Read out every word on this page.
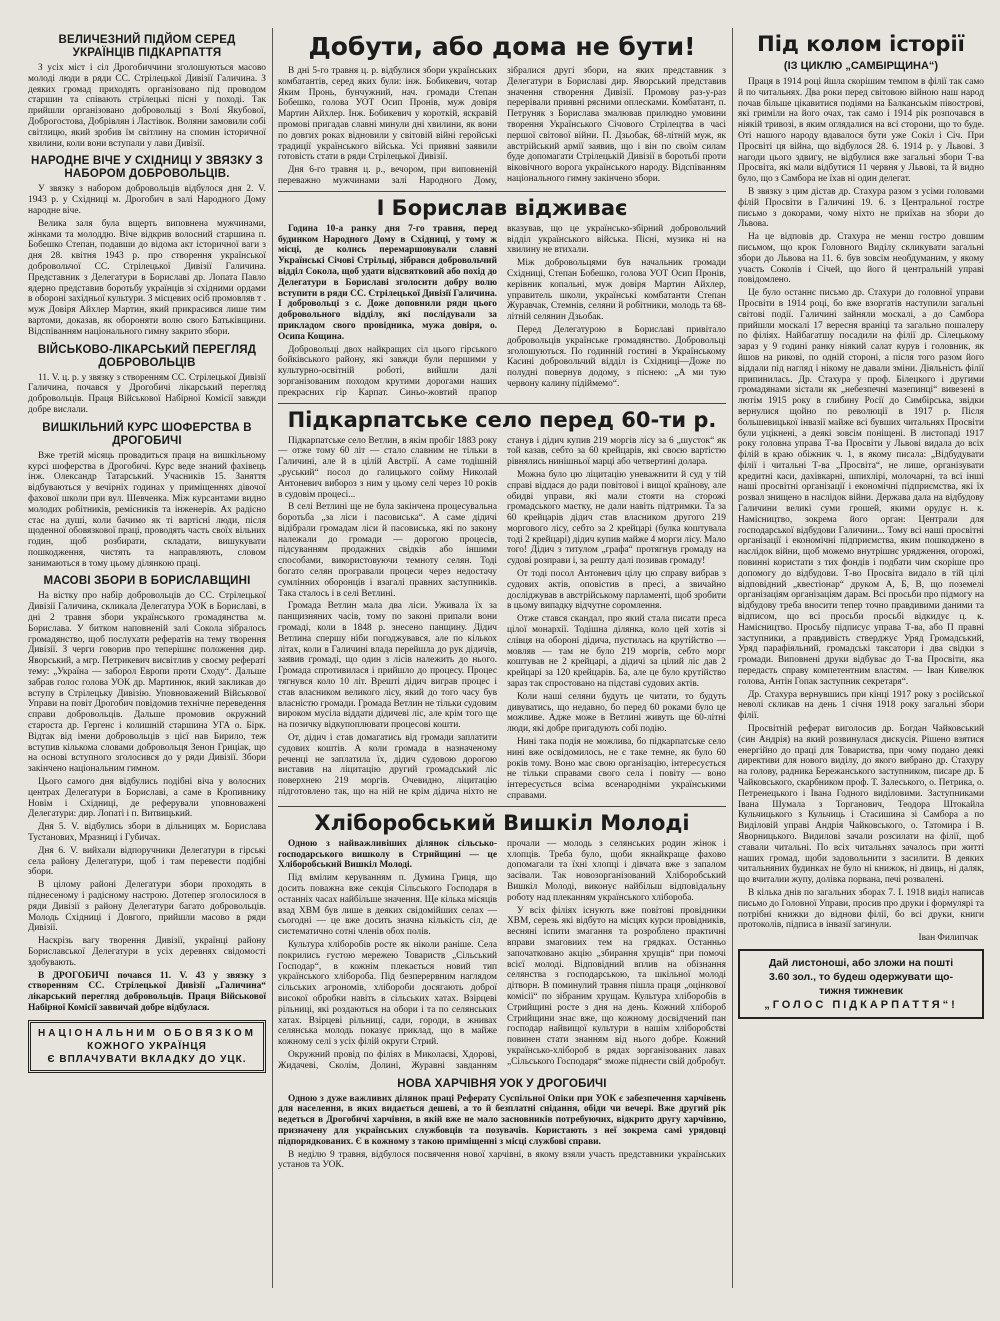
ВЕЛИЧЕЗНИЙ ПІДЙОМ СЕРЕД УКРАЇНЦІВ ПІДКАРПАТТЯ

З усіх міст і сіл Дрогобиччини зголошуються масово молоді люди в ряди СС. Стрілецької Дивізії Галичина. З деяких громад приходять організовано під проводом старшин та співають стрілецькі пісні у поході. Так прийшли організовано добровольці з Волі Якубової, Доброгостова, Добрівлян і Ластівок. Воляни замовили собі світлицю, який зробив їм світлину на спомин історичної хвилини, коли вони вступали у лави Дивізії.

НАРОДНЕ ВІЧЕ У СХІДНИЦІ У ЗВЯЗКУ З НАБОРОМ ДОБРОВОЛЬЦІВ.

У звязку з набором добровольців відбулося дня 2. V. 1943 р. у Східниці м. Дрогобич в залі Народного Дому народне віче.

Велика заля була вщерть виповнена мужчинами, жінками та молоддю. Віче відкрив волосний старшина п. Бобешко Степан, подавши до відома акт історичної ваги з дня 28. квітня 1943 р. про створення української добровольчої СС. Стрілецької Дивізії Галичина. Представник з Делегатури в Бориславі др. Лопата Павло ядерно представив боротьбу українців зі східними ордами в обороні західньої культури. З місцевих осіб промовляв т . муж Довіря Айхлер Мартин, який прикрасився лише тим вартоми, доказав, як обороняти волю свого Батьківщини. Відспіванням національного гимну закрито збори.

ВІЙСЬКОВО-ЛІКАРСЬКИЙ ПЕРЕГЛЯД ДОБРОВОЛЬЦІВ

11. V. ц. р. у звязку з створенням СС. Стрілецької Дивізії Галичина, почався у Дрогобичі лікарський перегляд добровольців. Праця Військової Набірної Комісії завжди добре вислали.

ВИШКІЛЬНИЙ КУРС ШОФЕРСТВА В ДРОГОБИЧІ

Вже третій місяць провадиться праця на вишкільному курсі шоферства в Дрогобичі. Курс веде знаний фахівець інж. Олександр Татарський. Учасників 15. Заняття відбуваються у вечірніх годинах у приміщеннях дівочої фахової школи при вул. Шевченка. Між курсантами видно молодих робітників, ремісників та інженерів. Ах радісно стає на душі, коли бачимо як ті вартісні люди, після щоденної обовязкової праці, проводять часть своїх вільних годин, щоб розбирати, складати, вишукувати пошкодження, чистять та направляють, словом занимаються в тому цьому ділянкою праці.

МАСОВІ ЗБОРИ В БОРИСЛАВЩИНІ

На вістку про набір добровольців до СС. Стрілецької Дивізії Галичина, скликала Делегатура УОК в Бориславі, в дні 2 травня збори українського громадянства м. Борислава. У битком наповненій залі Сокола зібралось громадянство, щоб послухати рефератів на тему творення Дивізії. З черги говорив про теперішнє положення дир. Яворський, а мгр. Петрикевич висвітлив у своєму рефераті тему: „Україна — заборол Европи проти Сходу“. Дальше забрав голос голова УОК др. Мартинюк, який закликав до вступу в Стрілецьку Дивізію. Уповноважений Військової Управи на повіт Дрогобич повідомив технічне переведення справи добровольців. Дальше промовив окружний староста др. Гергенс і колишній старшина УГА о. Бірк. Відтак від імени добровольців з цієї нав Бирило, теж вступив кількома словами добровольця Зенон Гриціак, що на основі вступного зголосився до у ряди Дивізії. Збори закінчено національним гимном.

Цього самого дня відбулись подібні віча у волосних центрах Делегатури в Бориславі, а саме в Кропивнику Новім і Східниці, де реферували уповноважені Делегатури: дир. Лопаті і п. Витвицький.

Дня 5. V. відбулись збори в дільницях м. Борислава Тустанових, Мразниці і Губичах.

Дня 6. V. вийхали відпоручники Делегатури в гірські села району Делегатури, щоб і там перевести подібні збори.

В цілому районі Делегатури збори проходять в піднесеному і радісному настрою. Дотепер зголосилося в ряди Дивізії з району Делегатури багато добровольців. Молодь Східниці і Довгого, прийшли масово в ряди Дивізії.

Наскрізь вагу творення Дивізії, українці району Бориславської Делегатури в усіх деревнях свідомості здобувають.

В ДРОГОБИЧІ почався 11. V. 43 у звязку з створенням СС. Стрілецької Дивізії „Галичина“ лікарський перегляд добровольців. Праця Військової Набірної Комісії заввичай добре відбулася.

НАЦІОНАЛЬНИМ ОБОВЯЗКОМ
КОЖНОГО УКРАЇНЦЯ
Є ВПЛАЧУВАТИ ВКЛАДКУ ДО УЦК.
Добути, або дома не бути!

В дні 5-го травня ц. р. відбулися збори українських комбатантів, серед яких були: інж. Бобикевич, чотар Яким Пронь, бунчужний, нач. громади Степан Бобешко, голова УОТ Осип Пронів, муж довіря Мартин Айхлер. Інж. Бобикевич у короткій, яскравій промові пригадав славні минули дні хвилини, як вони по довгих роках відновили у світовій війні геройські традиції українського війська. Усі приявні заявили готовість стати в ряди Стрілецької Дивізії.

Дня 6-го травня ц. р., вечором, при виповненій переважно мужчинами залі Народного Дому, зібралися другі збори, на яких представник з Делегатури в Бориславі дир. Яворський представив значення створення Дивізії. Промову раз-у-раз перерівали приявні рясними оплесками. Комбатант, п. Петруняк з Борислава змалював прилюдно умовини творення Українського Січового Стрілецтва в часі першої світової війни. П. Дзьобак, 68-літній муж, як австрійський армії заявив, що і він по своїм силам буде допомагати Стрілецькій Дивізії в боротьбі проти віковічного ворога українського народу. Відспіванням національного гимну закінчено збори.

І Борислав відживає

Година 10-а ранку дня 7-го травня, перед будинком Народного Дому в Східниці, у тому ж місці, де колись перемаршовували славні Українські Січові Стрільці, зібрався добровольчий відділ Сокола, щоб удати відсвятковий або похід до Делегатури в Бориславі зголосити добру волю вступити в ряди СС. Стрілецької Дивізії Галичина. І добровольці з с. Доже доповнили ряди цього добровольного відділу, які послідували за прикладом свого провідника, мужа довіря, о. Осипа Кощина.

Добровольці двох найкращих сіл цього гірського бойківського району, які завжди були першими у культурно-освітній роботі, вийшли далі зорганізованим походом крутими дорогами наших прекрасних гір Карпат. Синьо-жовтий прапор вказував, що це українсько-збірний добровольчий відділ українського війська. Пісні, музика ні на хвилину не втихали.

Між добровольцями був начальник громади Східниці, Степан Бобешко, голова УОТ Осип Пронів, керівник копальні, муж довіря Мартин Айхлер, управитель школи, українські комбатанти Степан Журавчак, Стемнів, селяни й робітники, молодь та 68-літній селянин Дзьобак.

Перед Делегатурою в Бориславі привітало добровольців українське громадянство. Добровольці зголошуються. По годинній гостині в Українському Касині добровольчий відділ із Східниці—Доже по полудні повернув додому, з піснею: „А ми тую червону калину підіймемо“.

Підкарпатське село перед 60-ти р.

Підкарпатське село Ветлин, в якім пробіг 1883 року — отже тому 60 літ — стало славним не тільки в Галичині, але й в цілій Австрії. А саме тодішній „руський“ посол до галицького сойму Николай Антоневич вибороз з ним у цьому селі через 10 років в судовім процесі...

В селі Ветлині ще не була закінчена процесувальна боротьба „за ліси і пасовиська“. А саме дідичі відібрали громадам ліси й пасовиська, які по закону належали до громади — дорогою процесів, підсуванням продажних свідків або іншими способами, використовуючи темноту селян. Тоді богато селян програвали процеси через недостачу сумлінних оборонців і взагалі правних заступників. Така сталось і в селі Ветлині.

Громада Ветлин мала два ліси. Уживала їх за панщизняних часів, тому по законі припали вони громаді, коли в 1848 р. знесено панщину. Дідич Ветлина спершу ніби погоджувався, але по кількох літах, коли в Галичині влада перейшла до рук дідичів, заявив громаді, що один з лісів належить до нього. Громада спротивилася і прийшло до процесу. Процес тягнувся коло 10 літ. Врешті дідич виграв процес і став власником великого лісу, який до того часу був власністю громади. Громада Ветлин не тільки судовим вироком мусіла віддати дідичеві ліс, але крім того ще на позичку відкупоплювати процесові кошти.

От, дідич і став домагатись від громади заплатити судових коштів. А коли громада в назначеному реченці не заплатила їх, дідич судовою дорогою виставив на ліцитацію другий громадський ліс поверхнею 219 моргів. Очевидно, ліцитацію підготовлено так, що на ній не крім дідича ніхто не станув і дідич купив 219 моргів лісу за 6 „шусток“ як той казав, себто за 60 крейцарів, які своєю вартістю рівнялись нинішньої марці або четвертині долара.

Можна було цю ліцитацію уневажнити й суд у тій справі віддася до ради повітової і вищої країнову, але обидві управи, які мали стояти на сторожі громадського маєтку, не дали навіть підтримки. Та за 60 крейцарів дідич став власником другого 219 моргового лісу, себто за 2 крейцарі (булка коштувала тоді 2 крейцарі) дідич купив майже 4 морги лісу. Мало того! Дідич з титулом „графа“ протягнув громаду на судові розправи і, за решту далі позивав громаду!

От тоді посол Антоневич цілу цю справу вибрав з судових актів, оповістив в пресі, а звичайно досліджував в австрійському парламенті, щоб зробити в цьому випадку відчутне соромлення.

Отже стався скандал, про який стала писати преса цілої монархії. Тодішна ділянка, коло цей хотів зі слівця на обороні дідича, пустилась на крутійство — мовляв — там не було 219 моргів, себто морг коштував не 2 крейцарі, а дідичі за цілий ліс дав 2 крейцарі за 120 крейцарів. Ба, але це було крутійство зараз так спростовано на підставі судових актів.

Коли наші селяни будуть це читати, то будуть дивуватись, що недавно, бо перед 60 роками було це можливе. Адже може в Ветлині живуть ще 60-літні люди, які добре пригадують собі подію.

Нині така подія не можлива, бо підкарпатське село нині вже освідомилось, не є таке темне, як було 60 років тому. Воно має свою організацію, інтересується не тільки справами свого села і повіту — воно інтересується всіма всенародніми українськими справами.

Хліборобський Вишкіл Молоді

Одною з найважливіших ділянок сільсько-господарського вишколу в Стрийщині — це Хліборобський Вишкіл Молоді.

Під вмілим керуванням п. Думина Гриця, що досить поважна вже секція Сільського Господаря в останніх часах найбільше значення. Ще кілька місяців взад ХВМ був лише в деяких свідомійших селах — сьогодні — це вже досить значна кількість сіл, де систематично сотні членів обох полів.

Культура хліборобів росте як ніколи раніше. Села покрились густою мережею Товариств „Сільський Господар“, в кожнім плекається новий тип українського хлібороба. Під безперервним наглядом сільських агрономів, хлібороби досягають доброї високої обробки навіть в сільських хатах. Взірцеві рільниці, які роздаються на обори і та по селянських хатах. Взірцеві рільниці, сади, городи, в жнивах селянська молодь показує приклад, що в майже кожному селі з усіх філій округи Стрий.

Окружний провід по філіях в Миколаєві, Хдорові, Жидачеві, Сколім, Долині, Журавні завданням прочали — молодь з селянських родин жінок і хлопців. Треба було, щоби якнайкраще фахово допомагали та їхні хлопці і дівчата вже з запалом засівали. Так новозорганізований Хліборобський Вишкіл Молоді, виконує найбільш відповідальну роботу над плеканням українського хлібороба.

У всіх філіях існують вже повітові провідники ХВМ, серезь які відбуто на місцях курси провідників, весняні іспити змагання та розроблено практичні вправи змаговиих тем на грядках. Останньо започатковано акцію „збирання хрущів“ при помочі всієї молоді. Відповідний вплив на обізнання селянства з господарською, та шкільної молоді дітворн. В поминулий травня пішла праця „оцінкової комісії“ по зібраним хрущам. Культура хліборобів в Стрийщині росте з дня на день. Кожний хлібороб Стрийщини знає вже, що кожному досвідчений пан господар найвищої культури в нашім хліборобстві повинен стати знанням від нього добре. Кожний українсько-хлібороб в рядах зорганізованих лавах „Сільського Господаря“ зможе піднести свій добробут.

НОВА ХАРЧІВНЯ УОК У ДРОГОБИЧІ

Одною з дуже важливих ділянок праці Реферату Суспільної Опіки при УОК є забезпечення харчівень для населення, в яких видається дешеві, а то й безплатні снідання, обіди чи вечері. Вже другий рік ведеться в Дрогобичі харчівня, в якій вже не мало засновників потребуючих, відкрито другу харчівню, призначену для українських службовців та позувачів. Користають з неї зокрема самі урядовці підпорядкованих. Є в кожному з такою приміщенні з місці службові справи.

В неділю 9 травня, відбулося посвячення нової харчівні, в якому взяли участь представники українських установ та УОК.

Під колом історії
(ІЗ ЦИКЛЮ „САМБІРЩИНА“)

Праця в 1914 році йшла скорішим темпом в філії так само й по читальнях. Два роки перед світовою війною наш народ почав більше цікавитися подіями на Балканськім півострові, які гриміли на його очах, так само і 1914 рік розпочався в ніякій тривозі, в яким оглядалися на всі сторони, що то буде. Оті нашого народу вдавалося бути уже Сокіл і Січ. При Просвіті ця війна, що відбулося 28. 6. 1914 р. у Львові. З нагоди цього здвигу, не відбулися вже загальні збори Т-ва Просвіта, які мали відбутися 11 червня у Львові, та й видно було, що з Самбора не їхав ні один делегат.

В звязку з цим дістав др. Стахура разом з усіми головами філій Просвіти в Галичині 19. 6. з Центральної гостре письмо з докорами, чому ніхто не приїхав на збори до Львова.

На це відповів др. Стахура не менш гостро довшим письмом, що крок Головного Виділу скликувати загальні збори до Львова на 11. 6. був зовсім необдуманим, у якому участь Соколів і Січей, що його й центральній управі повідомлено.

Це було останнє письмо др. Стахури до головної управи Просвіти в 1914 році, бо вже взоргатів наступили загальні світові події. Галичині зайняли москалі, а до Самбора прийшли москалі 17 вересня враніці та загально пошалеру по філіях. Найбагатшу посадили на філії др. Сілецькому зараз у 9 годині ранку ніякий салат курув і головник, як йшов на рикові, по одній стороні, а після того разом його віддали під нагляд і нікому не давали зміни. Діяльність філії припинилась. Др. Стахура у проф. Білецкого і другими громадянами зістали як „небезпечні мазепинці“ вивезені в лютім 1915 року в глибину Росії до Симбірська, звідки вернулися щойно по революції в 1917 р. Після большевицької інвазії майже всі бувших читальнях Просвіти були уцікнені, а деякі зовсім поніщені. В листопаді 1917 року головна управа Т-ва Просвіти у Львові видала до всіх філій в краю обіжник ч. 1, в якому писала: „Відбудувати філії і читальні Т-ва „Просвіта“, не лише, організувати кредитні каси, дахівкарні, шпихлірі, молочарні, та всі інші наші просвітні організації і економічні підприємства, які їх розвал знищено в наслідок війни. Держава дала на відбудову Галичини великі суми грошей, якими орудує н. к. Намісництво, зокрема його орган: Централи для господарської відбудови Галичини... Тому всі наші просвітні організації і економічні підприємства, яким пошкоджено в наслідок війни, щоб можемо внутрішнє урядження, огорожі, повинні користати з тих фондів і подбати чим скоріше про допомогу до відбудови. Т-во Просвіта видало в тій цілі відповідний „квестіонар“ друком А, Б, В, що поземелі організаціям організаціям дарам. Всі просьби про підмогу на відбудову треба вносити тепер точно правдивими даними та відписом, що всі просьби просьбі відкидує ц. к. Намісництво. Просьбу підписує управа Т-ва, або П правні заступники, а правдивість стверджує Уряд Громадський, Уряд парафіяльний, громадські таксатори і два свідки з громади. Виповнені друки відбуває до Т-ва Просвіти, яка передасть справу компетентним властям. — Іван Кивелюк голова, Антін Гопак заступник секретаря“.

Др. Стахура вернувшись при кінці 1917 року з російської неволі скликав на день 1 січня 1918 року загальні збори філії.

Просвітній реферат виголосив др. Богдан Чайковський (син Андрія) на який розвинулася дискусія. Рішено взятися енергійно до праці для Товариства, при чому подано деякі директиви для нового виділу, до якого вибрано др. Стахуру на голову, радника Бережанського заступником, писаре др. Б Чайковського, скарбником проф. Т. Залеського, о. Петрика, о. Петренецького і Івана Годного виділовими. Заступниками Івана Шумала з Торганович, Теодора Штокайла Кульчицького з Кульчиць і Стасишина зі Самбора а по Виділовій управі Андрія Чайковського, о. Татомира і В. Яворницького. Видилові зачали розсилати на філії, щоб ставали читальні. По всіх читальнях зачалось при житті наших громад, щоби задовольнити з засилити. В деяких читальняних будинках не було ні книжок, ні двиць, ні даляк, що вчиталии жупу, долівка порвана, печі розвалені.

В кілька днів по загальних зборах 7. І. 1918 виділ написав письмо до Головної Управи, просив про друки і формулярі та потрібні книжки до віднови філії, бо всі друки, книги протоколів, підписа в інвазії загинули.

Іван Филипчак
Дай листоноші, або зложи на пошті
3.60 зол., то будеш одержувати що-
тижня тижневик
„ГОЛОС ПІДКАРПАТТЯ“!
